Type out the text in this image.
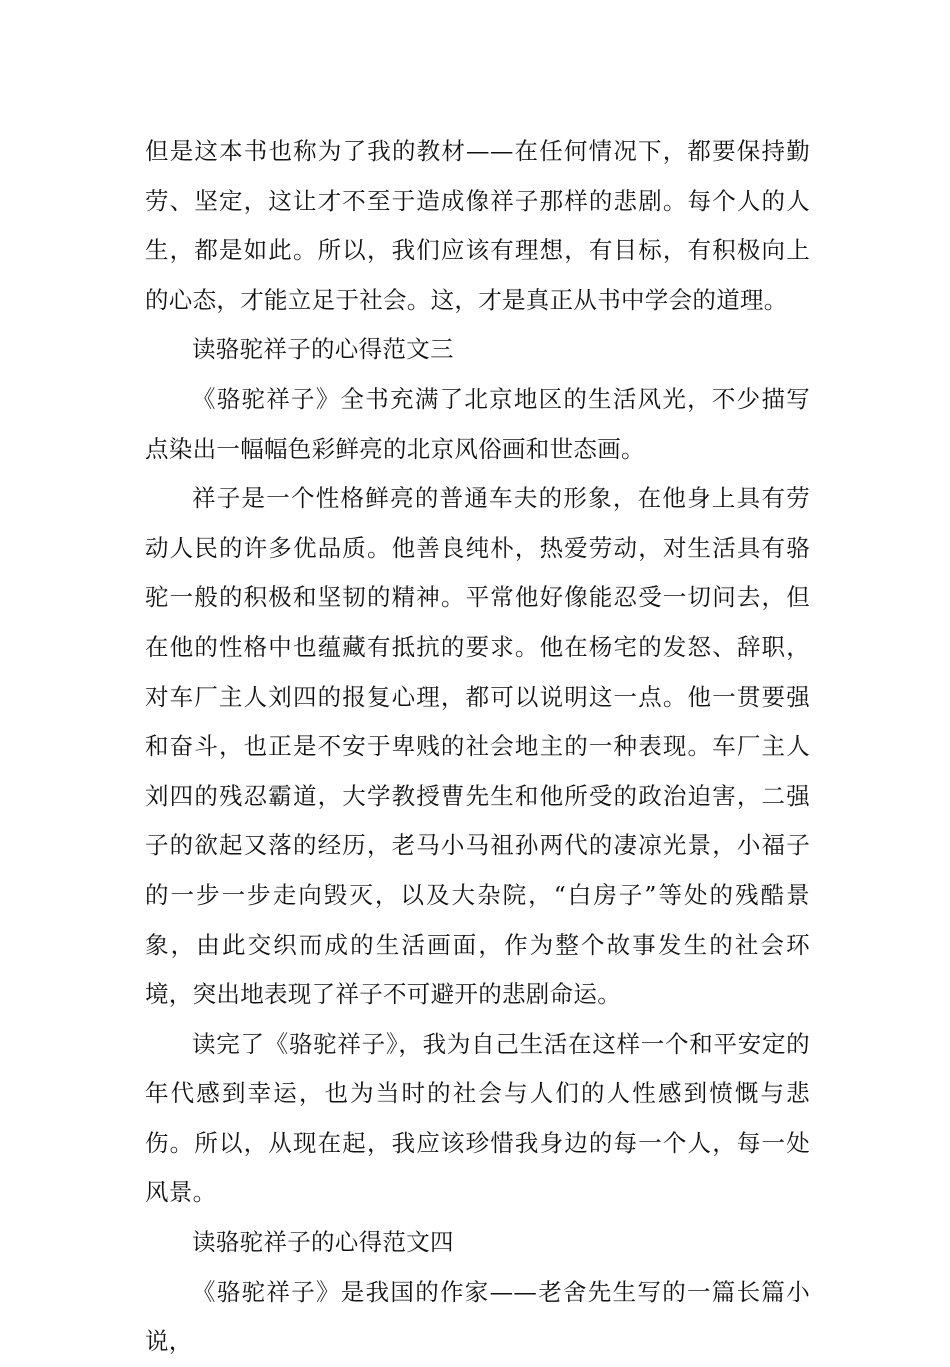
但是这本书也称为了我的教材——在任何情况下，都要保持勤劳、坚定，这让才不至于造成像祥子那样的悲剧。每个人的人生，都是如此。所以，我们应该有理想，有目标，有积极向上的心态，才能立足于社会。这，才是真正从书中学会的道理。

读骆驼祥子的心得范文三

《骆驼祥子》全书充满了北京地区的生活风光，不少描写点染出一幅幅色彩鲜亮的北京风俗画和世态画。

祥子是一个性格鲜亮的普通车夫的形象，在他身上具有劳动人民的许多优品质。他善良纯朴，热爱劳动，对生活具有骆驼一般的积极和坚韧的精神。平常他好像能忍受一切问去，但在他的性格中也蕴藏有抵抗的要求。他在杨宅的发怒、辞职，对车厂主人刘四的报复心理，都可以说明这一点。他一贯要强和奋斗，也正是不安于卑贱的社会地主的一种表现。车厂主人刘四的残忍霸道，大学教授曹先生和他所受的政治迫害，二强子的欲起又落的经历，老马小马祖孙两代的凄凉光景，小福子的一步一步走向毁灭，以及大杂院，“白房子”等处的残酷景象，由此交织而成的生活画面，作为整个故事发生的社会环境，突出地表现了祥子不可避开的悲剧命运。

读完了《骆驼祥子》，我为自己生活在这样一个和平安定的年代感到幸运，也为当时的社会与人们的人性感到愤慨与悲伤。所以，从现在起，我应该珍惜我身边的每一个人，每一处风景。

读骆驼祥子的心得范文四

《骆驼祥子》是我国的作家——老舍先生写的一篇长篇小说，
